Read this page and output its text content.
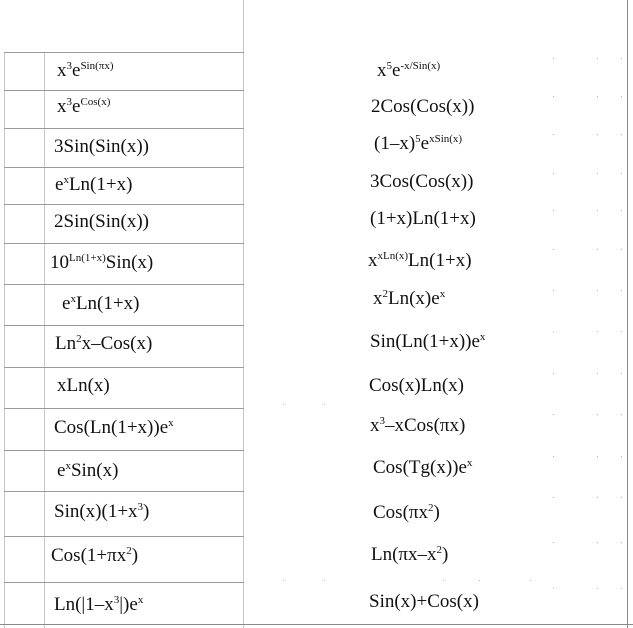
$x^3e^{Sin(\pi x)}$	$x^5e^{-x/Sin(x)}$
$x^3e^{Cos(x)}$	2Cos(Cos(x))
3Sin(Sin(x))	$(1-x)^5e^{xSin(x)}$
$e^xLn(1+x)$	3Cos(Cos(x))
2Sin(Sin(x))	(1+x)Ln(1+x)
$10^{Ln(1+x)}Sin(x)$	$x^{xLn(x)}Ln(1+x)$
$e^xLn(1+x)$	$x^2Ln(x)e^x$
Ln$^2$x–Cos(x)	$Sin(Ln(1+x))e^x$
xLn(x)	Cos(x)Ln(x)
$Cos(Ln(1+x))e^x$	$x^3-xCos(\pi x)$
$e^xSin(x)$	$Cos(Tg(x))e^x$
$Sin(x)(1+x^3)$	$Cos(\pi x^2)$
$Cos(1+\pi x^2)$	$Ln(\pi x-x^2)$
$Ln(|1-x^3|)e^x$	Sin(x)+Cos(x)
